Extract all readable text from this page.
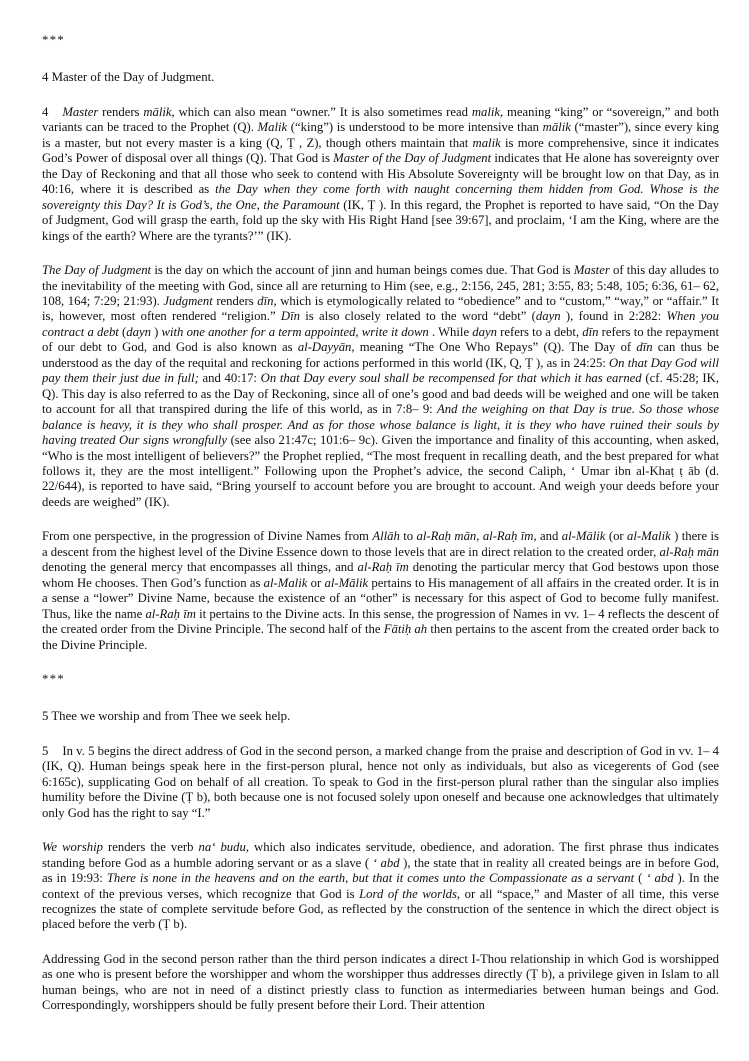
***
4 Master of the Day of Judgment.

4 Master renders mālik, which can also mean “owner.” It is also sometimes read malik, meaning “king” or “sovereign,” and both variants can be traced to the Prophet (Q). Malik (“king”) is understood to be more intensive than mālik (“master”), since every king is a master, but not every master is a king (Q, Ṭ , Z), though others maintain that malik is more comprehensive, since it indicates God’s Power of disposal over all things (Q). That God is Master of the Day of Judgment indicates that He alone has sovereignty over the Day of Reckoning and that all those who seek to contend with His Absolute Sovereignty will be brought low on that Day, as in 40:16, where it is described as the Day when they come forth with naught concerning them hidden from God. Whose is the sovereignty this Day? It is God’s, the One, the Paramount (IK, Ṭ ). In this regard, the Prophet is reported to have said, “On the Day of Judgment, God will grasp the earth, fold up the sky with His Right Hand [see 39:67], and proclaim, ‘I am the King, where are the kings of the earth? Where are the tyrants?’” (IK).

The Day of Judgment is the day on which the account of jinn and human beings comes due. That God is Master of this day alludes to the inevitability of the meeting with God, since all are returning to Him (see, e.g., 2:156, 245, 281; 3:55, 83; 5:48, 105; 6:36, 61– 62, 108, 164; 7:29; 21:93). Judgment renders dīn, which is etymologically related to “obedience” and to “custom,” “way,” or “affair.” It is, however, most often rendered “religion.” Dīn is also closely related to the word “debt” (dayn ), found in 2:282: When you contract a debt (dayn ) with one another for a term appointed, write it down . While dayn refers to a debt, dīn refers to the repayment of our debt to God, and God is also known as al-Dayyān, meaning “The One Who Repays” (Q). The Day of dīn can thus be understood as the day of the requital and reckoning for actions performed in this world (IK, Q, Ṭ ), as in 24:25: On that Day God will pay them their just due in full; and 40:17: On that Day every soul shall be recompensed for that which it has earned (cf. 45:28; IK, Q). This day is also referred to as the Day of Reckoning, since all of one’s good and bad deeds will be weighed and one will be taken to account for all that transpired during the life of this world, as in 7:8– 9: And the weighing on that Day is true. So those whose balance is heavy, it is they who shall prosper. And as for those whose balance is light, it is they who have ruined their souls by having treated Our signs wrongfully (see also 21:47c; 101:6– 9c). Given the importance and finality of this accounting, when asked, “Who is the most intelligent of believers?” the Prophet replied, “The most frequent in recalling death, and the best prepared for what follows it, they are the most intelligent.” Following upon the Prophet’s advice, the second Caliph, ʻ Umar ibn al-Khaṭ ṭ āb (d. 22/644), is reported to have said, “Bring yourself to account before you are brought to account. And weigh your deeds before your deeds are weighed” (IK).

From one perspective, in the progression of Divine Names from Allāh to al-Raḥ mān, al-Raḥ īm, and al-Mālik (or al-Malik ) there is a descent from the highest level of the Divine Essence down to those levels that are in direct relation to the created order, al-Raḥ mān denoting the general mercy that encompasses all things, and al-Raḥ īm denoting the particular mercy that God bestows upon those whom He chooses. Then God’s function as al-Malik or al-Mālik pertains to His management of all affairs in the created order. It is in a sense a “lower” Divine Name, because the existence of an “other” is necessary for this aspect of God to become fully manifest. Thus, like the name al-Raḥ īm it pertains to the Divine acts. In this sense, the progression of Names in vv. 1– 4 reflects the descent of the created order from the Divine Principle. The second half of the Fātiḥ ah then pertains to the ascent from the created order back to the Divine Principle.

***
5 Thee we worship and from Thee we seek help.

5 In v. 5 begins the direct address of God in the second person, a marked change from the praise and description of God in vv. 1– 4 (IK, Q). Human beings speak here in the first-person plural, hence not only as individuals, but also as vicegerents of God (see 6:165c), supplicating God on behalf of all creation. To speak to God in the first-person plural rather than the singular also implies humility before the Divine (Ṭ b), both because one is not focused solely upon oneself and because one acknowledges that ultimately only God has the right to say “I.”

We worship renders the verb naʻ budu, which also indicates servitude, obedience, and adoration. The first phrase thus indicates standing before God as a humble adoring servant or as a slave ( ʻ abd ), the state that in reality all created beings are in before God, as in 19:93: There is none in the heavens and on the earth, but that it comes unto the Compassionate as a servant ( ʻ abd ). In the context of the previous verses, which recognize that God is Lord of the worlds, or all “space,” and Master of all time, this verse recognizes the state of complete servitude before God, as reflected by the construction of the sentence in which the direct object is placed before the verb (Ṭ b).

Addressing God in the second person rather than the third person indicates a direct I-Thou relationship in which God is worshipped as one who is present before the worshipper and whom the worshipper thus addresses directly (Ṭ b), a privilege given in Islam to all human beings, who are not in need of a distinct priestly class to function as intermediaries between human beings and God. Correspondingly, worshippers should be fully present before their Lord. Their attention
